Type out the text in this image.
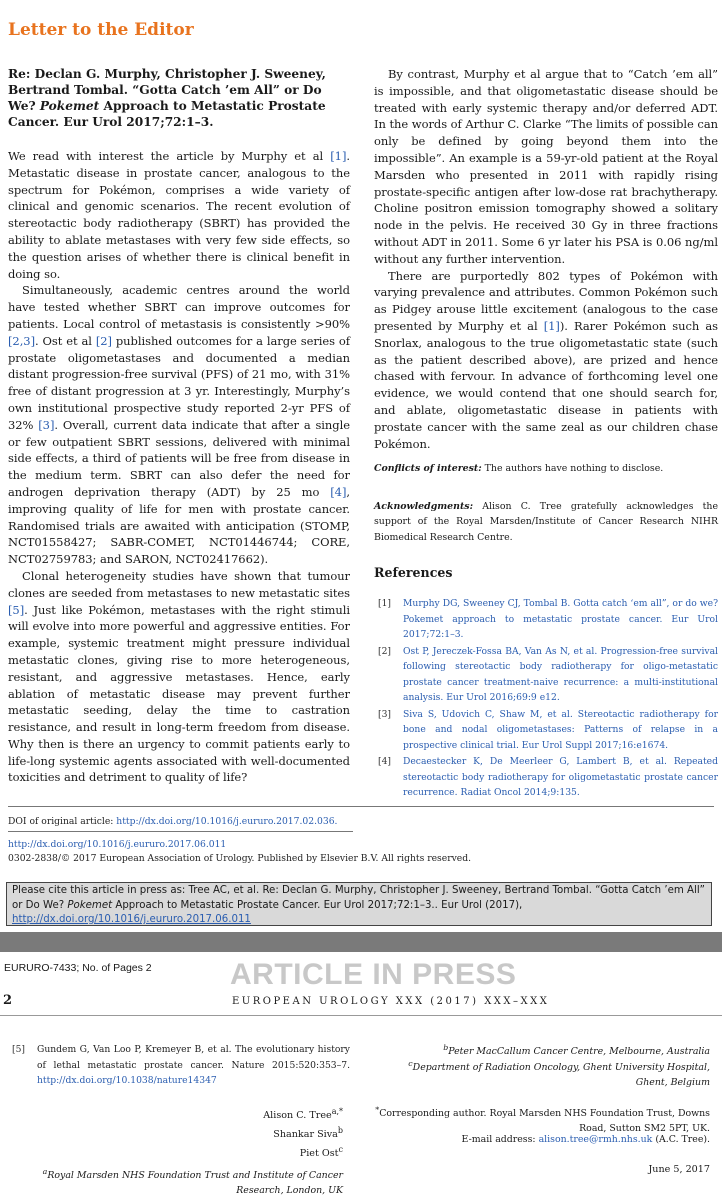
Letter to the Editor
Re: Declan G. Murphy, Christopher J. Sweeney, Bertrand Tombal. “Gotta Catch ’em All” or Do We? Pokemet Approach to Metastatic Prostate Cancer. Eur Urol 2017;72:1–3.

We read with interest the article by Murphy et al [1]. Metastatic disease in prostate cancer, analogous to the spectrum for Pokémon, comprises a wide variety of clinical and genomic scenarios. The recent evolution of stereotactic body radiotherapy (SBRT) has provided the ability to ablate metastases with very few side effects, so the question arises of whether there is clinical benefit in doing so.

Simultaneously, academic centres around the world have tested whether SBRT can improve outcomes for patients. Local control of metastasis is consistently >90% [2,3]. Ost et al [2] published outcomes for a large series of prostate oligometastases and documented a median distant progression-free survival (PFS) of 21 mo, with 31% free of distant progression at 3 yr. Interestingly, Murphy’s own institutional prospective study reported 2-yr PFS of 32% [3]. Overall, current data indicate that after a single or few outpatient SBRT sessions, delivered with minimal side effects, a third of patients will be free from disease in the medium term. SBRT can also defer the need for androgen deprivation therapy (ADT) by 25 mo [4], improving quality of life for men with prostate cancer. Randomised trials are awaited with anticipation (STOMP, NCT01558427; SABR-COMET, NCT01446744; CORE, NCT02759783; and SARON, NCT02417662).

Clonal heterogeneity studies have shown that tumour clones are seeded from metastases to new metastatic sites [5]. Just like Pokémon, metastases with the right stimuli will evolve into more powerful and aggressive entities. For example, systemic treatment might pressure individual metastatic clones, giving rise to more heterogeneous, resistant, and aggressive metastases. Hence, early ablation of metastatic disease may prevent further metastatic seeding, delay the time to castration resistance, and result in long-term freedom from disease. Why then is there an urgency to commit patients early to life-long systemic agents associated with well-documented toxicities and detriment to quality of life?

By contrast, Murphy et al argue that to “Catch ’em all” is impossible, and that oligometastatic disease should be treated with early systemic therapy and/or deferred ADT. In the words of Arthur C. Clarke “The limits of possible can only be defined by going beyond them into the impossible”. An example is a 59-yr-old patient at the Royal Marsden who presented in 2011 with rapidly rising prostate-specific antigen after low-dose rat brachytherapy. Choline positron emission tomography showed a solitary node in the pelvis. He received 30 Gy in three fractions without ADT in 2011. Some 6 yr later his PSA is 0.06 ng/ml without any further intervention.

There are purportedly 802 types of Pokémon with varying prevalence and attributes. Common Pokémon such as Pidgey arouse little excitement (analogous to the case presented by Murphy et al [1]). Rarer Pokémon such as Snorlax, analogous to the true oligometastatic state (such as the patient described above), are prized and hence chased with fervour. In advance of forthcoming level one evidence, we would contend that one should search for, and ablate, oligometastatic disease in patients with prostate cancer with the same zeal as our children chase Pokémon.

Conflicts of interest: The authors have nothing to disclose.

Acknowledgments: Alison C. Tree gratefully acknowledges the support of the Royal Marsden/Institute of Cancer Research NIHR Biomedical Research Centre.

References
[1]	Murphy DG, Sweeney CJ, Tombal B. Gotta catch ‘em all”, or do we? Pokemet approach to metastatic prostate cancer. Eur Urol 2017;72:1–3.
[2]	Ost P, Jereczek-Fossa BA, Van As N, et al. Progression-free survival following stereotactic body radiotherapy for oligo-metastatic prostate cancer treatment-naive recurrence: a multi-institutional analysis. Eur Urol 2016;69:9 e12.
[3]	Siva S, Udovich C, Shaw M, et al. Stereotactic radiotherapy for bone and nodal oligometastases: Patterns of relapse in a prospective clinical trial. Eur Urol Suppl 2017;16:e1674.
[4]	Decaestecker K, De Meerleer G, Lambert B, et al. Repeated stereotactic body radiotherapy for oligometastatic prostate cancer recurrence. Radiat Oncol 2014;9:135.
DOI of original article: http://dx.doi.org/10.1016/j.eururo.2017.02.036.
http://dx.doi.org/10.1016/j.eururo.2017.06.011
0302-2838/© 2017 European Association of Urology. Published by Elsevier B.V. All rights reserved.
Please cite this article in press as: Tree AC, et al. Re: Declan G. Murphy, Christopher J. Sweeney, Bertrand Tombal. “Gotta Catch ’em All” or Do We? Pokemet Approach to Metastatic Prostate Cancer. Eur Urol 2017;72:1–3.. Eur Urol (2017), http://dx.doi.org/10.1016/j.eururo.2017.06.011
EURURO-7433; No. of Pages 2	ARTICLE IN PRESS
2	EUROPEAN UROLOGY XXX (2017) XXX–XXX
[5]	Gundem G, Van Loo P, Kremeyer B, et al. The evolutionary history of lethal metastatic prostate cancer. Nature 2015:520:353–7. http://dx.doi.org/10.1038/nature14347
Alison C. Tree$^{a,*}$
Shankar Siva$^b$
Piet Ost$^c$
$^a$Royal Marsden NHS Foundation Trust and Institute of Cancer Research, London, UK
$^b$Peter MacCallum Cancer Centre, Melbourne, Australia
$^c$Department of Radiation Oncology, Ghent University Hospital, Ghent, Belgium
*Corresponding author. Royal Marsden NHS Foundation Trust, Downs Road, Sutton SM2 5PT, UK.
E-mail address: alison.tree@rmh.nhs.uk (A.C. Tree).
June 5, 2017
